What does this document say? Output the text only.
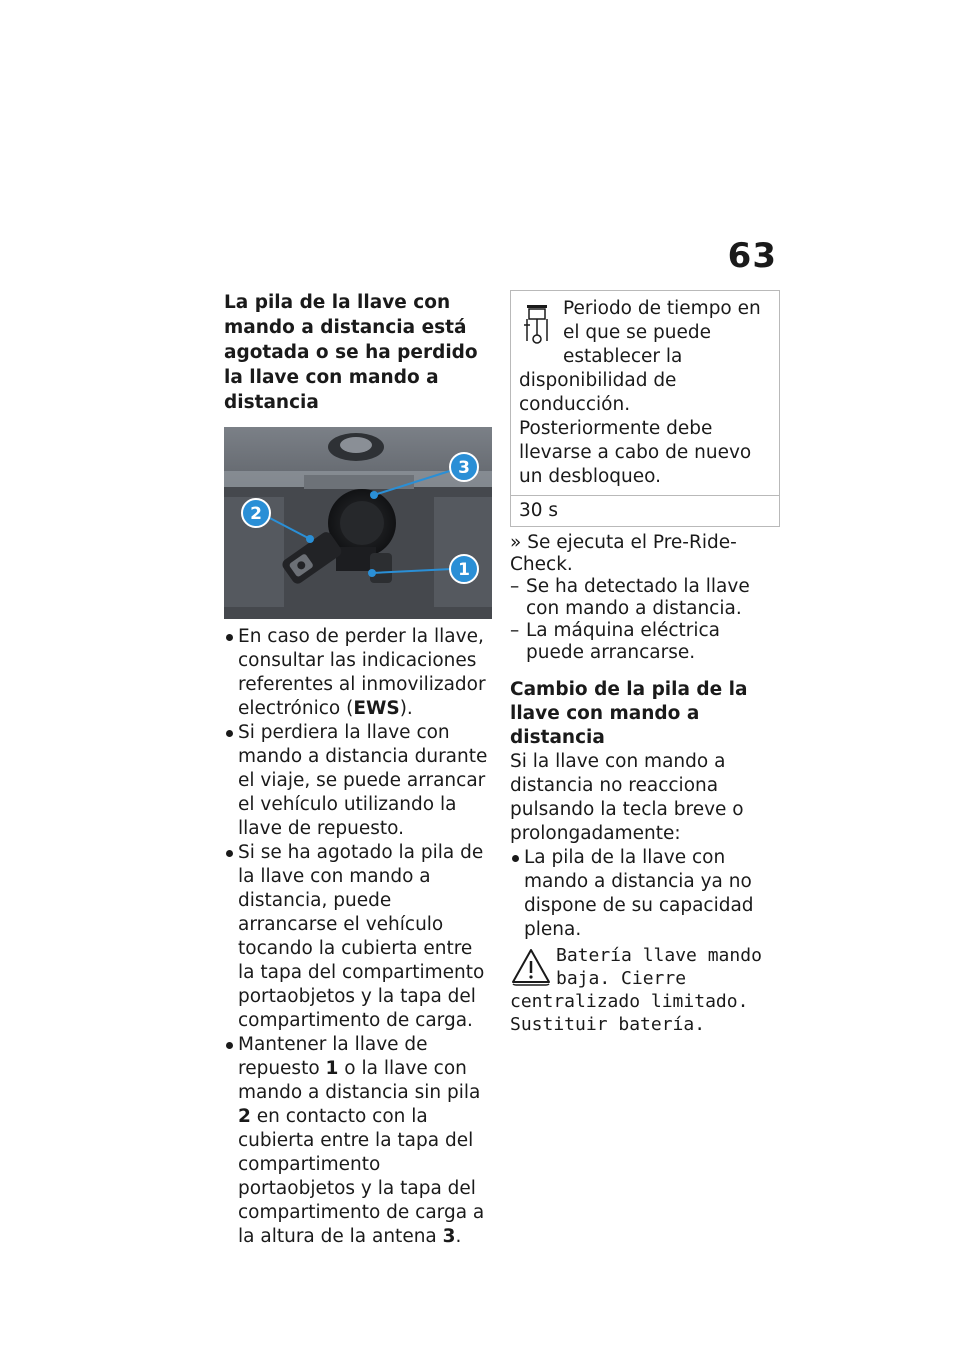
63
La pila de la llave con mando a distancia está agotada o se ha perdido la llave con mando a distancia
3
2
1
En caso de perder la llave, consultar las indicaciones referentes al inmovilizador electrónico (EWS).
Si perdiera la llave con mando a distancia durante el viaje, se puede arrancar el vehículo utilizando la llave de repuesto.
Si se ha agotado la pila de la llave con mando a distancia, puede arrancarse el vehículo tocando la cubierta entre la tapa del compartimento portaobjetos y la tapa del compartimento de carga.
Mantener la llave de repuesto 1 o la llave con mando a distancia sin pila 2 en contacto con la cubierta entre la tapa del compartimento portaobjetos y la tapa del compartimento de carga a la altura de la antena 3.
Periodo de tiempo en el que se puede establecer la disponibilidad de conducción. Posteriormente debe llevarse a cabo de nuevo un desbloqueo.
30 s
» Se ejecuta el Pre-Ride-Check.
– Se ha detectado la llave con mando a distancia.
– La máquina eléctrica puede arrancarse.
Cambio de la pila de la llave con mando a distancia

Si la llave con mando a distancia no reacciona pulsando la tecla breve o prolongadamente:

La pila de la llave con mando a distancia ya no dispone de su capacidad plena.
Batería llave mando baja. Cierre centralizado limitado. Sustituir batería.
